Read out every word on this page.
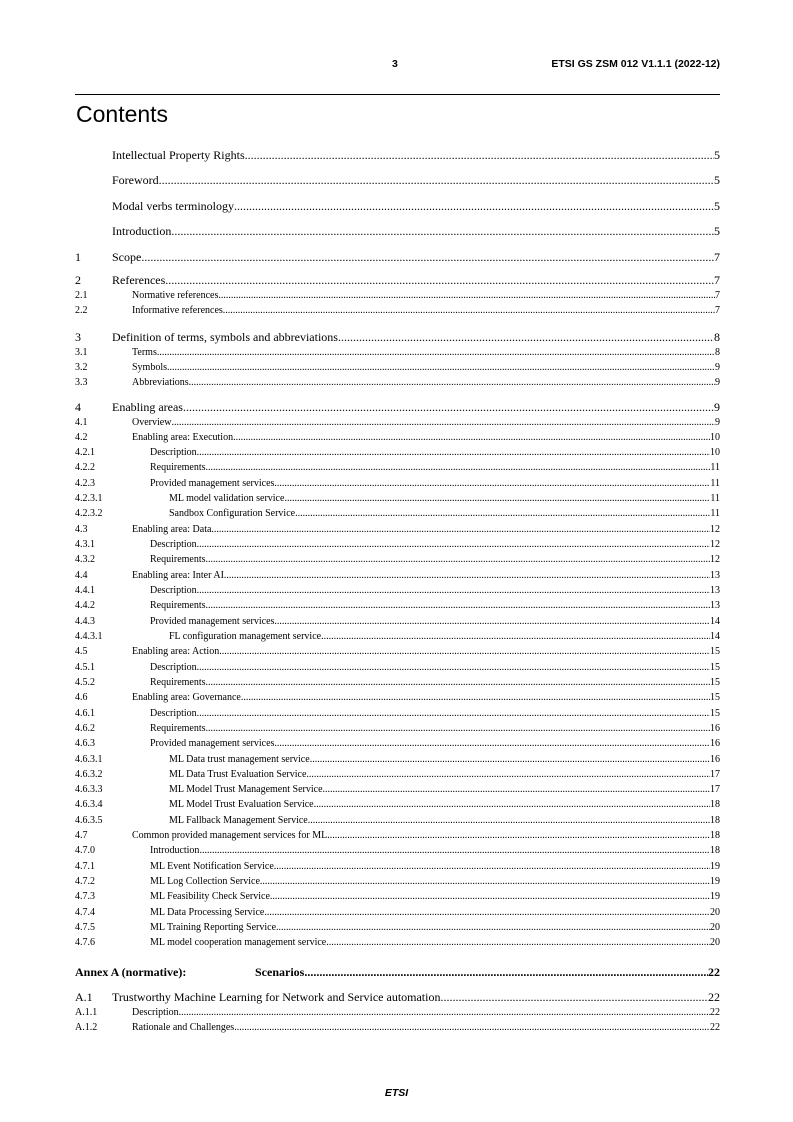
3	ETSI GS ZSM 012 V1.1.1 (2022-12)
Contents
Intellectual Property Rights .....	5
Foreword .....	5
Modal verbs terminology .....	5
Introduction .....	5
1	Scope .....	7
2	References .....	7
2.1	Normative references .....	7
2.2	Informative references .....	7
3	Definition of terms, symbols and abbreviations .....	8
3.1	Terms .....	8
3.2	Symbols .....	9
3.3	Abbreviations .....	9
4	Enabling areas .....	9
4.1	Overview .....	9
4.2	Enabling area: Execution .....	10
4.2.1	Description .....	10
4.2.2	Requirements .....	11
4.2.3	Provided management services .....	11
4.2.3.1	ML model validation service .....	11
4.2.3.2	Sandbox Configuration Service .....	11
4.3	Enabling area: Data .....	12
4.3.1	Description .....	12
4.3.2	Requirements .....	12
4.4	Enabling area: Inter AI .....	13
4.4.1	Description .....	13
4.4.2	Requirements .....	13
4.4.3	Provided management services .....	14
4.4.3.1	FL configuration management service .....	14
4.5	Enabling area: Action .....	15
4.5.1	Description .....	15
4.5.2	Requirements .....	15
4.6	Enabling area: Governance .....	15
4.6.1	Description .....	15
4.6.2	Requirements .....	16
4.6.3	Provided management services .....	16
4.6.3.1	ML Data trust management service .....	16
4.6.3.2	ML Data Trust Evaluation Service .....	17
4.6.3.3	ML Model Trust Management Service .....	17
4.6.3.4	ML Model Trust Evaluation Service .....	18
4.6.3.5	ML Fallback Management Service .....	18
4.7	Common provided management services for ML .....	18
4.7.0	Introduction .....	18
4.7.1	ML Event Notification Service .....	19
4.7.2	ML Log Collection Service .....	19
4.7.3	ML Feasibility Check Service .....	19
4.7.4	ML Data Processing Service .....	20
4.7.5	ML Training Reporting Service .....	20
4.7.6	ML model cooperation management service .....	20
Annex A (normative):	Scenarios .....	22
A.1	Trustworthy Machine Learning for Network and Service automation .....	22
A.1.1	Description .....	22
A.1.2	Rationale and Challenges .....	22
ETSI
